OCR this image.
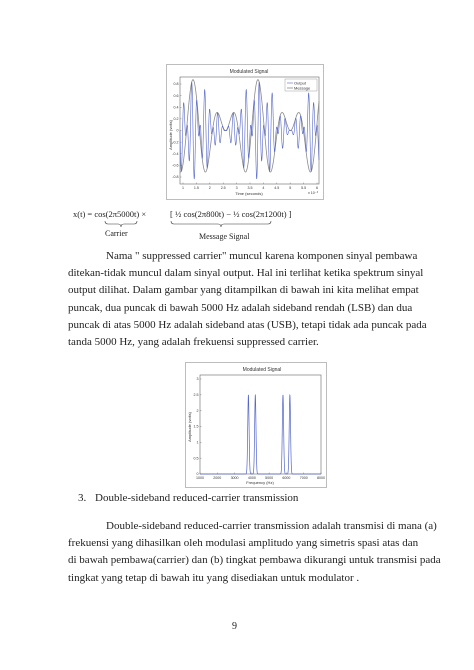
Modulated Signal
Amplitude (volts)
0.8
0.6
0.4
0.2
0
-0.2
-0.4
-0.6
-0.8
1	1.5	2	2.5	3	3.5	4	4.5	5	5.5	6
Output
Message
Time (seconds)	x 10⁻³
x(t) = cos(2π5000t) ×	[ ½ cos(2π800t) − ½ cos(2π1200t) ]
Carrier	Message Signal
Nama " suppressed carrier" muncul karena komponen sinyal pembawa
ditekan-tidak muncul dalam sinyal output. Hal ini terlihat ketika spektrum sinyal
output dilihat. Dalam gambar yang ditampilkan di bawah ini kita melihat empat
puncak, dua puncak di bawah 5000 Hz adalah sideband rendah (LSB) dan dua
puncak di atas 5000 Hz adalah sideband atas (USB), tetapi tidak ada puncak pada
tanda 5000 Hz, yang adalah frekuensi suppressed carrier.
Modulated Signal
Amplitude (volts)
3
2.5
2
1.5
1
0.5
0
1000	2000	3000	4000	5000	6000	7000	8000
Frequency (Hz)
3. Double-sideband reduced-carrier transmission
Double-sideband reduced-carrier transmission adalah transmisi di mana (a)
frekuensi yang dihasilkan oleh modulasi amplitudo yang simetris spasi atas dan
di bawah pembawa(carrier) dan (b) tingkat pembawa dikurangi untuk transmisi pada
tingkat yang tetap di bawah itu yang disediakan untuk modulator .
9
